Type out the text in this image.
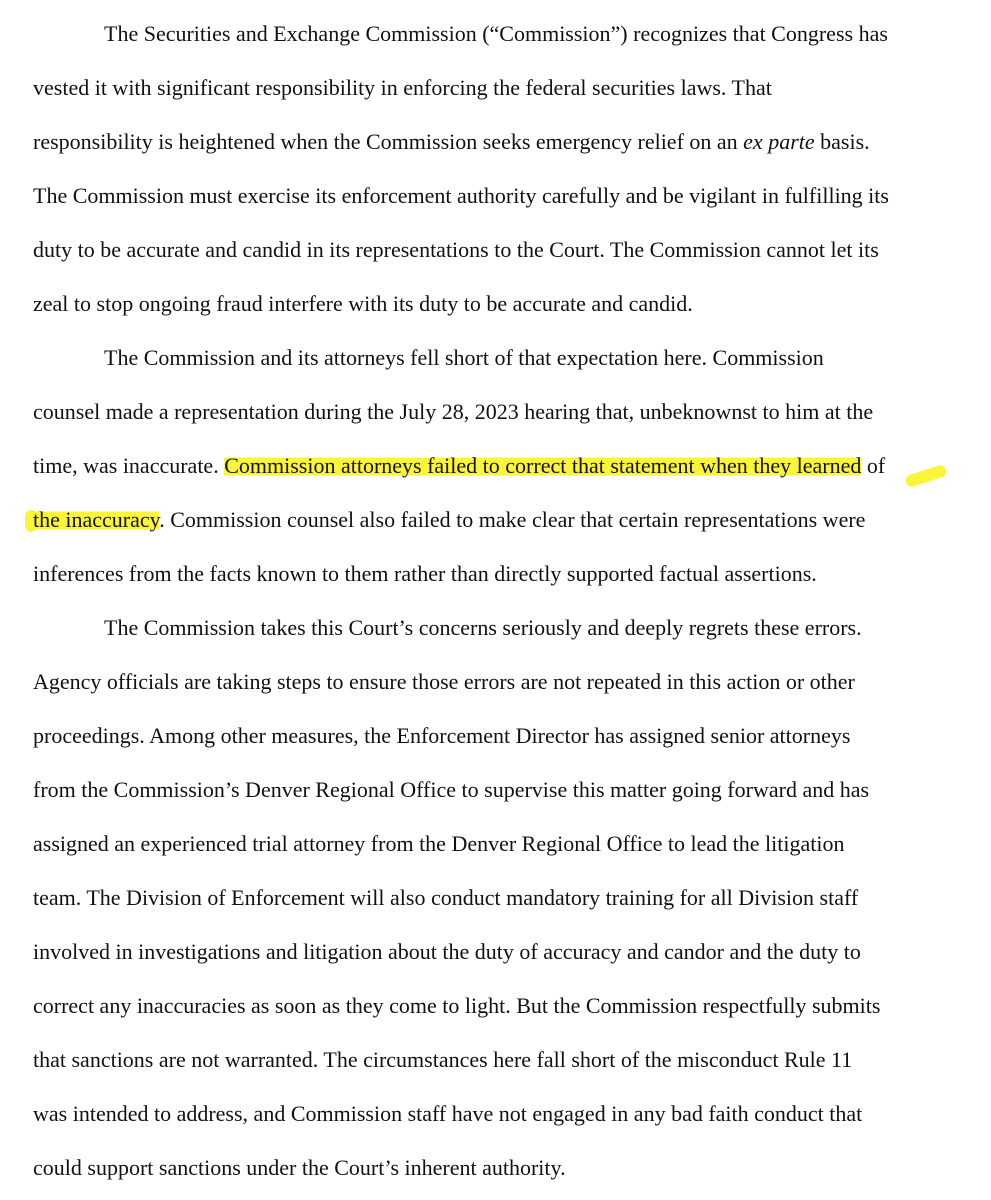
The Securities and Exchange Commission (“Commission”) recognizes that Congress has
vested it with significant responsibility in enforcing the federal securities laws. That
responsibility is heightened when the Commission seeks emergency relief on an ex parte basis.
The Commission must exercise its enforcement authority carefully and be vigilant in fulfilling its
duty to be accurate and candid in its representations to the Court. The Commission cannot let its
zeal to stop ongoing fraud interfere with its duty to be accurate and candid.
The Commission and its attorneys fell short of that expectation here. Commission
counsel made a representation during the July 28, 2023 hearing that, unbeknownst to him at the
time, was inaccurate. Commission attorneys failed to correct that statement when they learned of
the inaccuracy. Commission counsel also failed to make clear that certain representations were
inferences from the facts known to them rather than directly supported factual assertions.
The Commission takes this Court’s concerns seriously and deeply regrets these errors.
Agency officials are taking steps to ensure those errors are not repeated in this action or other
proceedings. Among other measures, the Enforcement Director has assigned senior attorneys
from the Commission’s Denver Regional Office to supervise this matter going forward and has
assigned an experienced trial attorney from the Denver Regional Office to lead the litigation
team. The Division of Enforcement will also conduct mandatory training for all Division staff
involved in investigations and litigation about the duty of accuracy and candor and the duty to
correct any inaccuracies as soon as they come to light. But the Commission respectfully submits
that sanctions are not warranted. The circumstances here fall short of the misconduct Rule 11
was intended to address, and Commission staff have not engaged in any bad faith conduct that
could support sanctions under the Court’s inherent authority.
